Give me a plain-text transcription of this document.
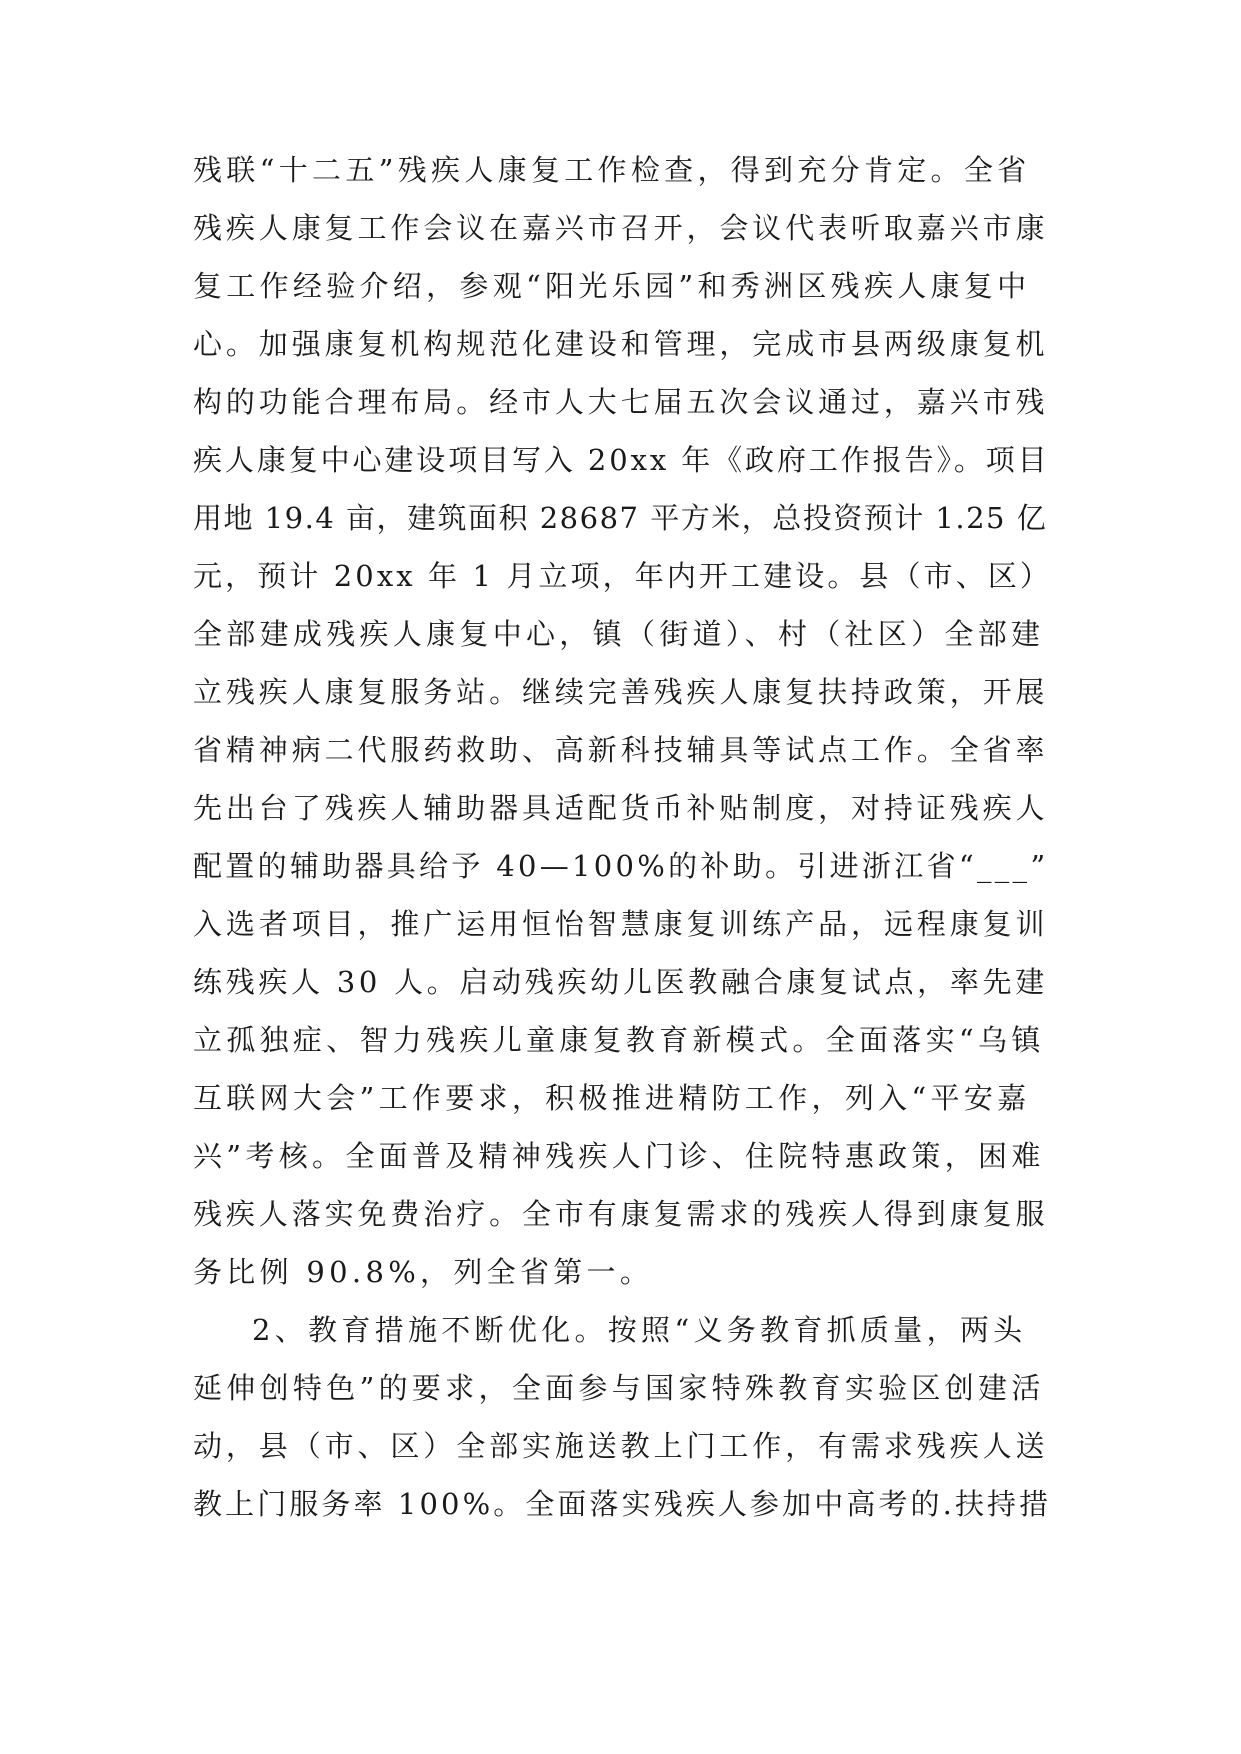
残联“十二五”残疾人康复工作检查，得到充分肯定。全省
残疾人康复工作会议在嘉兴市召开，会议代表听取嘉兴市康
复工作经验介绍，参观“阳光乐园”和秀洲区残疾人康复中
心。加强康复机构规范化建设和管理，完成市县两级康复机
构的功能合理布局。经市人大七届五次会议通过，嘉兴市残
疾人康复中心建设项目写入 20xx 年《政府工作报告》。项目
用地 19.4 亩，建筑面积 28687 平方米，总投资预计 1.25 亿
元，预计 20xx 年 1 月立项，年内开工建设。县（市、区）
全部建成残疾人康复中心，镇（街道）、村（社区）全部建
立残疾人康复服务站。继续完善残疾人康复扶持政策，开展
省精神病二代服药救助、高新科技辅具等试点工作。全省率
先出台了残疾人辅助器具适配货币补贴制度，对持证残疾人
配置的辅助器具给予 40—100%的补助。引进浙江省“___”
入选者项目，推广运用恒怡智慧康复训练产品，远程康复训
练残疾人 30 人。启动残疾幼儿医教融合康复试点，率先建
立孤独症、智力残疾儿童康复教育新模式。全面落实“乌镇
互联网大会”工作要求，积极推进精防工作，列入“平安嘉
兴”考核。全面普及精神残疾人门诊、住院特惠政策，困难
残疾人落实免费治疗。全市有康复需求的残疾人得到康复服
务比例 90.8%，列全省第一。
2、教育措施不断优化。按照“义务教育抓质量，两头
延伸创特色”的要求，全面参与国家特殊教育实验区创建活
动，县（市、区）全部实施送教上门工作，有需求残疾人送
教上门服务率 100%。全面落实残疾人参加中高考的.扶持措
